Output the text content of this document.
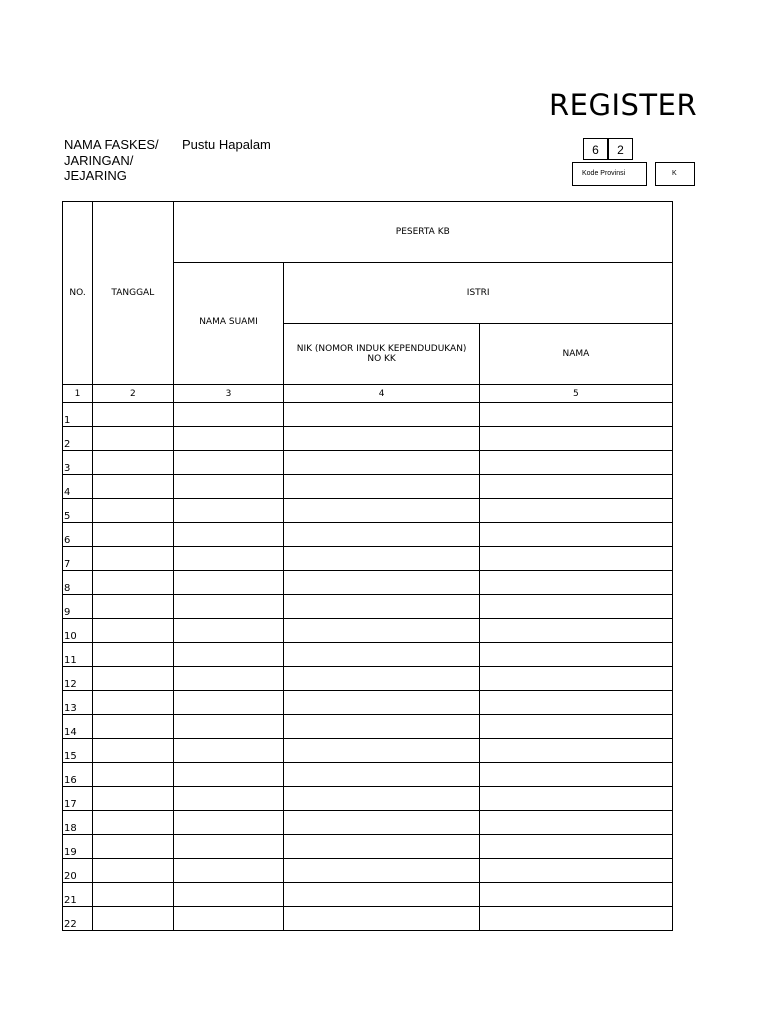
REGISTER
NAMA FASKES/ JARINGAN/ JEJARING
Pustu Hapalam	6	2
Kode Provinsi	K
NO.	TANGGAL	PESERTA KB		
		NAMA SUAMI	ISTRI	
			NIK (NOMOR INDUK KEPENDUDUKAN) NO KK	NAMA
1	2	3	4	5
1				
2				
3				
4				
5				
6				
7				
8				
9				
10				
11				
12				
13				
14				
15				
16				
17				
18				
19				
20				
21				
22				
